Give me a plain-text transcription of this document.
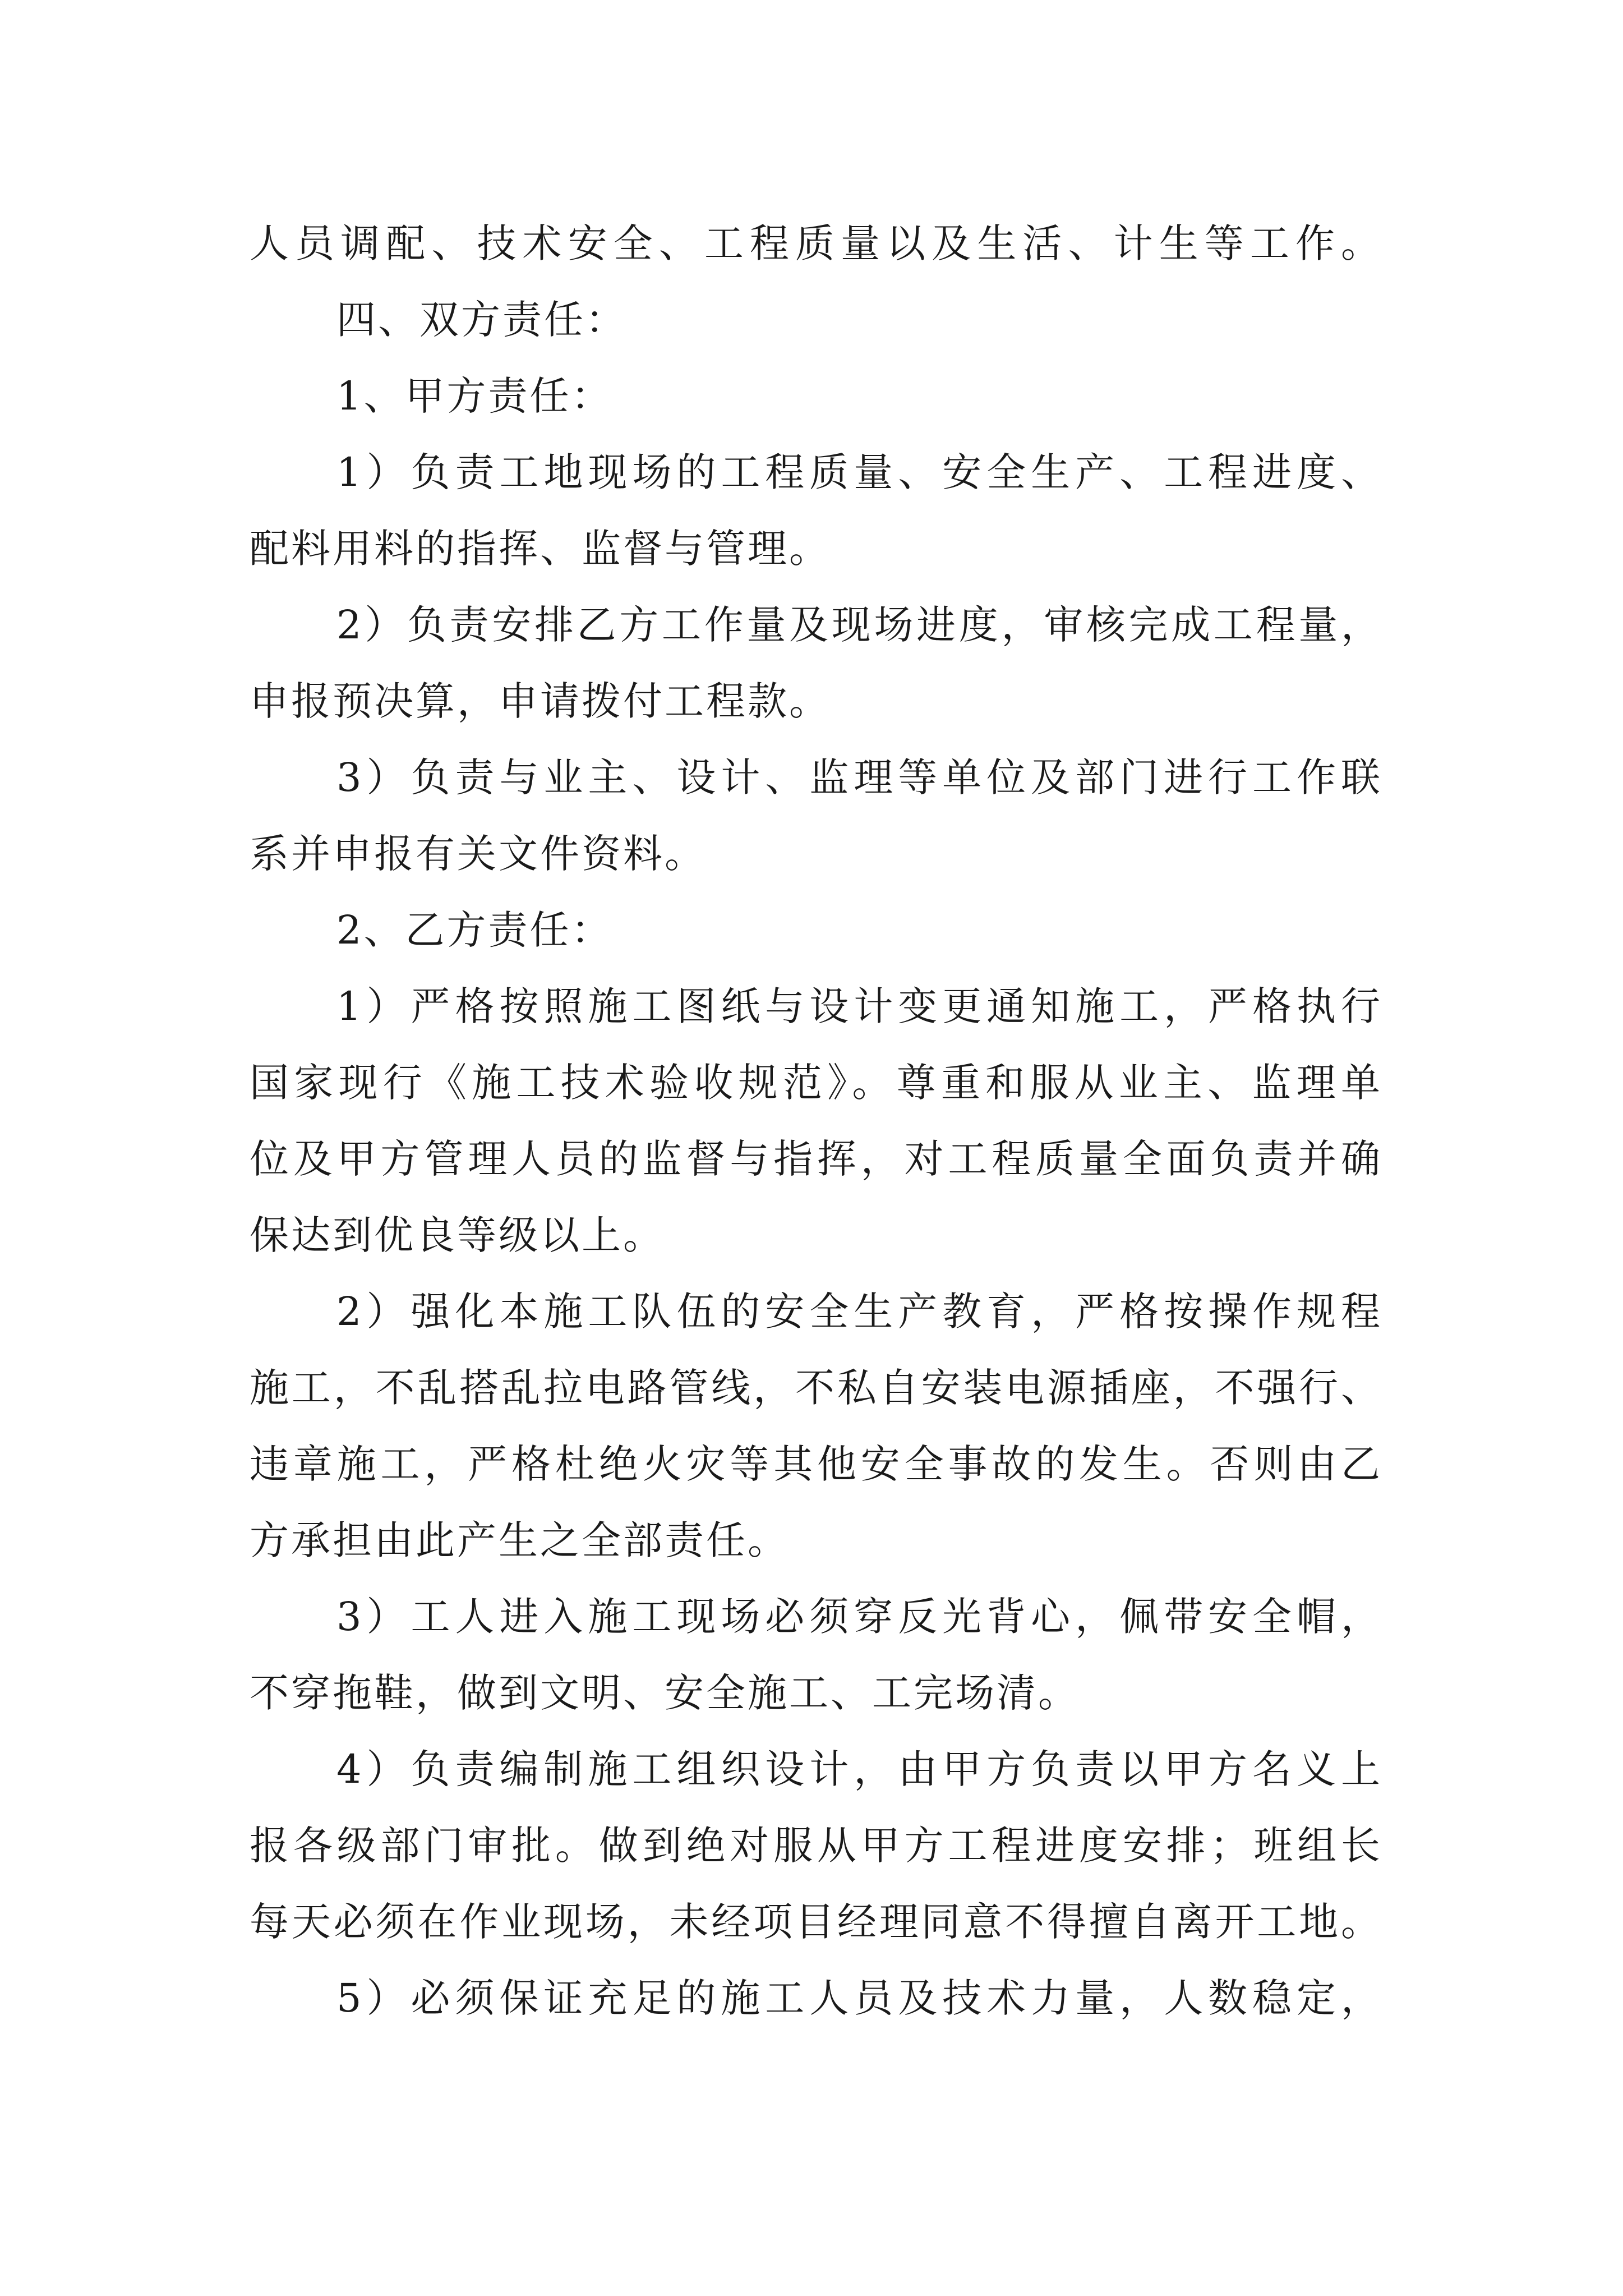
人员调配、技术安全、工程质量以及生活、计生等工作。
四、双方责任：
1、甲方责任：
1）负责工地现场的工程质量、安全生产、工程进度、
配料用料的指挥、监督与管理。
2）负责安排乙方工作量及现场进度，审核完成工程量，
申报预决算，申请拨付工程款。
3）负责与业主、设计、监理等单位及部门进行工作联
系并申报有关文件资料。
2、乙方责任：
1）严格按照施工图纸与设计变更通知施工，严格执行
国家现行《施工技术验收规范》。尊重和服从业主、监理单
位及甲方管理人员的监督与指挥，对工程质量全面负责并确
保达到优良等级以上。
2）强化本施工队伍的安全生产教育，严格按操作规程
施工，不乱搭乱拉电路管线，不私自安装电源插座，不强行、
违章施工，严格杜绝火灾等其他安全事故的发生。否则由乙
方承担由此产生之全部责任。
3）工人进入施工现场必须穿反光背心，佩带安全帽，
不穿拖鞋，做到文明、安全施工、工完场清。
4）负责编制施工组织设计，由甲方负责以甲方名义上
报各级部门审批。做到绝对服从甲方工程进度安排；班组长
每天必须在作业现场，未经项目经理同意不得擅自离开工地。
5）必须保证充足的施工人员及技术力量，人数稳定，
